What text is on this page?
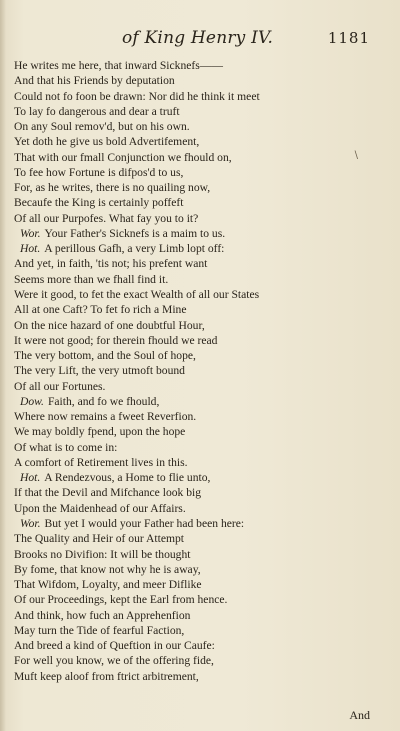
of King Henry IV.	1181
\
He writes me here, that inward Sicknefs——
And that his Friends by deputation
Could not fo foon be drawn: Nor did he think it meet
To lay fo dangerous and dear a truft
On any Soul remov'd, but on his own.
Yet doth he give us bold Advertifement,
That with our fmall Conjunction we fhould on,
To fee how Fortune is difpos'd to us,
For, as he writes, there is no quailing now,
Becaufe the King is certainly poffeft
Of all our Purpofes. What fay you to it?
Wor. Your Father's Sicknefs is a maim to us.
Hot. A perillous Gafh, a very Limb lopt off:
And yet, in faith, 'tis not; his prefent want
Seems more than we fhall find it.
Were it good, to fet the exact Wealth of all our States
All at one Caft? To fet fo rich a Mine
On the nice hazard of one doubtful Hour,
It were not good; for therein fhould we read
The very bottom, and the Soul of hope,
The very Lift, the very utmoft bound
Of all our Fortunes.
Dow. Faith, and fo we fhould,
Where now remains a fweet Reverfion.
We may boldly fpend, upon the hope
Of what is to come in:
A comfort of Retirement lives in this.
Hot. A Rendezvous, a Home to flie unto,
If that the Devil and Mifchance look big
Upon the Maidenhead of our Affairs.
Wor. But yet I would your Father had been here:
The Quality and Heir of our Attempt
Brooks no Divifion: It will be thought
By fome, that know not why he is away,
That Wifdom, Loyalty, and meer Diflike
Of our Proceedings, kept the Earl from hence.
And think, how fuch an Apprehenfion
May turn the Tide of fearful Faction,
And breed a kind of Queftion in our Caufe:
For well you know, we of the offering fide,
Muft keep aloof from ftrict arbitrement,
And
